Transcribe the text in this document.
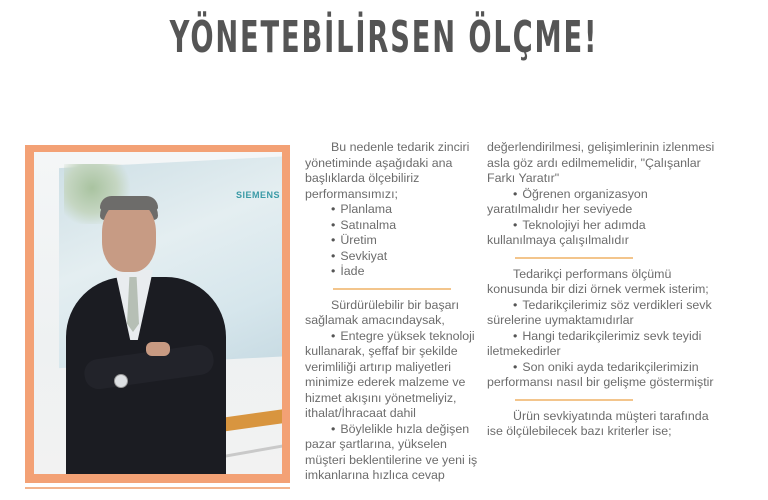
YÖNETEBİLİRSEN ÖLÇME!
SIEMENS

Bu nedenle tedarik zinciri yönetiminde aşağıdaki ana başlıklarda ölçebiliriz performansımızı;

• Planlama
• Satınalma
• Üretim
• Sevkiyat
• İade

Sürdürülebilir bir başarı sağlamak amacındaysak,

• Entegre yüksek teknoloji kullanarak, şeffaf bir şekilde verimliliği artırıp maliyetleri minimize ederek malzeme ve hizmet akışını yönetmeliyiz, ithalat/İhracaat dahil

• Böylelikle hızla değişen pazar şartlarına, yükselen müşteri beklentilerine ve yeni iş imkanlarına hızlıca cevap

değerlendirilmesi, gelişimlerinin izlenmesi asla göz ardı edilmemelidir, "Çalışanlar Farkı Yaratır"

• Öğrenen organizasyon yaratılmalıdır her seviyede

• Teknolojiyi her adımda kullanılmaya çalışılmalıdır

Tedarikçi performans ölçümü konusunda bir dizi örnek vermek isterim;

• Tedarikçilerimiz söz verdikleri sevk sürelerine uymaktamıdırlar

• Hangi tedarikçilerimiz sevk teyidi iletmekedirler

• Son oniki ayda tedarikçilerimizin performansı nasıl bir gelişme göstermiştir

Ürün sevkiyatında müşteri tarafında ise ölçülebilecek bazı kriterler ise;
